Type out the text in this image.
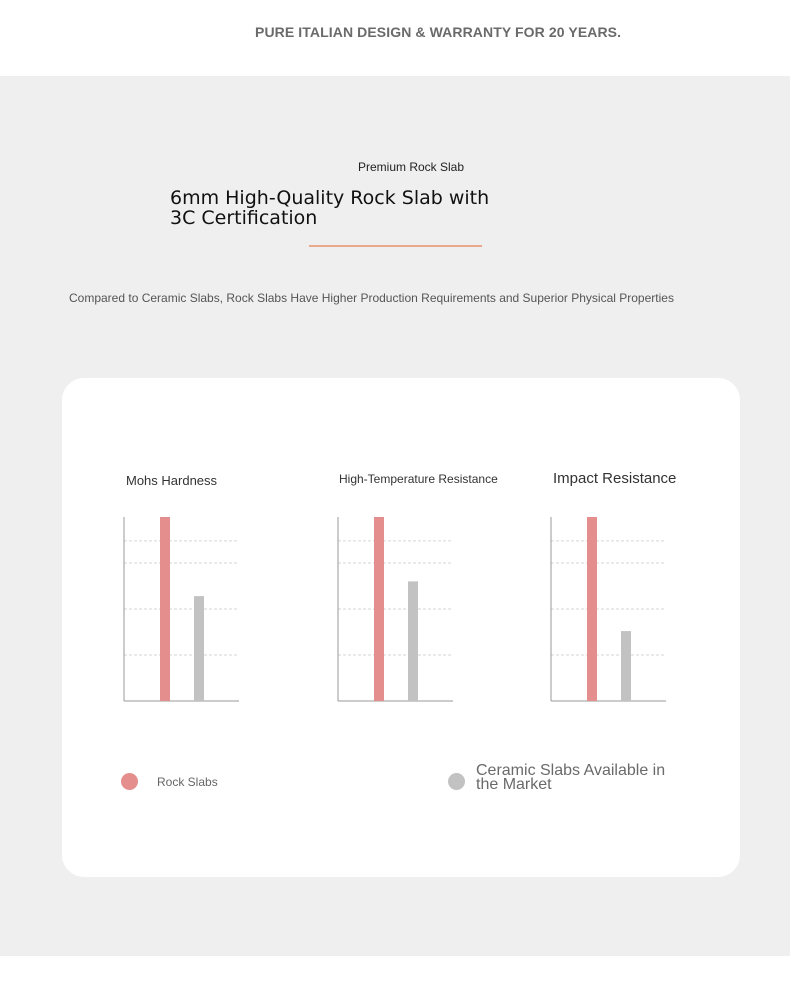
PURE ITALIAN DESIGN & WARRANTY FOR 20 YEARS.
Premium Rock Slab
6mm High-Quality Rock Slab with 3C Certification
Compared to Ceramic Slabs, Rock Slabs Have Higher Production Requirements and Superior Physical Properties
Mohs Hardness	High-Temperature Resistance	Impact Resistance
Rock Slabs
Ceramic Slabs Available in the Market
